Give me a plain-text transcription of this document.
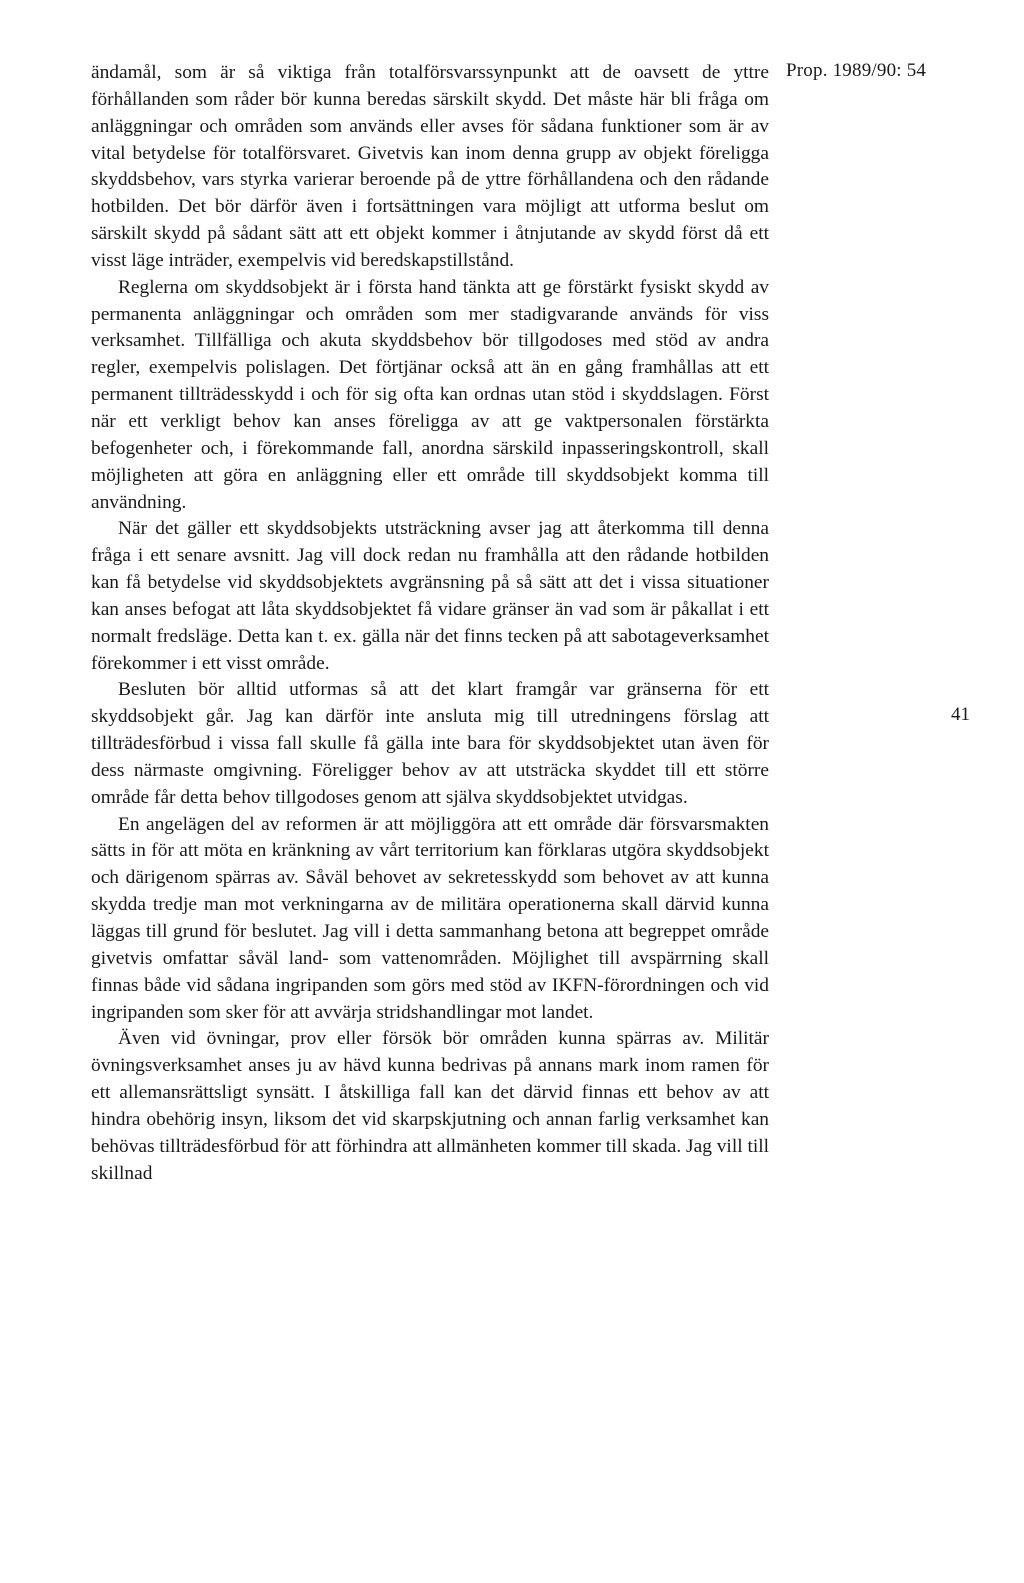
Prop. 1989/90: 54

ändamål, som är så viktiga från totalförsvarssynpunkt att de oavsett de yttre förhållanden som råder bör kunna beredas särskilt skydd. Det måste här bli fråga om anläggningar och områden som används eller avses för sådana funktioner som är av vital betydelse för totalförsvaret. Givetvis kan inom denna grupp av objekt föreligga skyddsbehov, vars styrka varierar beroende på de yttre förhållandena och den rådande hotbilden. Det bör därför även i fortsättningen vara möjligt att utforma beslut om särskilt skydd på sådant sätt att ett objekt kommer i åtnjutande av skydd först då ett visst läge inträder, exempelvis vid beredskapstillstånd.

Reglerna om skyddsobjekt är i första hand tänkta att ge förstärkt fysiskt skydd av permanenta anläggningar och områden som mer stadigvarande används för viss verksamhet. Tillfälliga och akuta skyddsbehov bör tillgodoses med stöd av andra regler, exempelvis polislagen. Det förtjänar också att än en gång framhållas att ett permanent tillträdesskydd i och för sig ofta kan ordnas utan stöd i skyddslagen. Först när ett verkligt behov kan anses föreligga av att ge vaktpersonalen förstärkta befogenheter och, i förekommande fall, anordna särskild inpasseringskontroll, skall möjligheten att göra en anläggning eller ett område till skyddsobjekt komma till användning.

När det gäller ett skyddsobjekts utsträckning avser jag att återkomma till denna fråga i ett senare avsnitt. Jag vill dock redan nu framhålla att den rådande hotbilden kan få betydelse vid skyddsobjektets avgränsning på så sätt att det i vissa situationer kan anses befogat att låta skyddsobjektet få vidare gränser än vad som är påkallat i ett normalt fredsläge. Detta kan t. ex. gälla när det finns tecken på att sabotageverksamhet förekommer i ett visst område.

Besluten bör alltid utformas så att det klart framgår var gränserna för ett skyddsobjekt går. Jag kan därför inte ansluta mig till utredningens förslag att tillträdesförbud i vissa fall skulle få gälla inte bara för skyddsobjektet utan även för dess närmaste omgivning. Föreligger behov av att utsträcka skyddet till ett större område får detta behov tillgodoses genom att själva skyddsobjektet utvidgas.

En angelägen del av reformen är att möjliggöra att ett område där försvarsmakten sätts in för att möta en kränkning av vårt territorium kan förklaras utgöra skyddsobjekt och därigenom spärras av. Såväl behovet av sekretesskydd som behovet av att kunna skydda tredje man mot verkningarna av de militära operationerna skall därvid kunna läggas till grund för beslutet. Jag vill i detta sammanhang betona att begreppet område givetvis omfattar såväl land- som vattenområden. Möjlighet till avspärrning skall finnas både vid sådana ingripanden som görs med stöd av IKFN-förordningen och vid ingripanden som sker för att avvärja stridshandlingar mot landet.

Även vid övningar, prov eller försök bör områden kunna spärras av. Militär övningsverksamhet anses ju av hävd kunna bedrivas på annans mark inom ramen för ett allemansrättsligt synsätt. I åtskilliga fall kan det därvid finnas ett behov av att hindra obehörig insyn, liksom det vid skarpskjutning och annan farlig verksamhet kan behövas tillträdesförbud för att förhindra att allmänheten kommer till skada. Jag vill till skillnad

41
